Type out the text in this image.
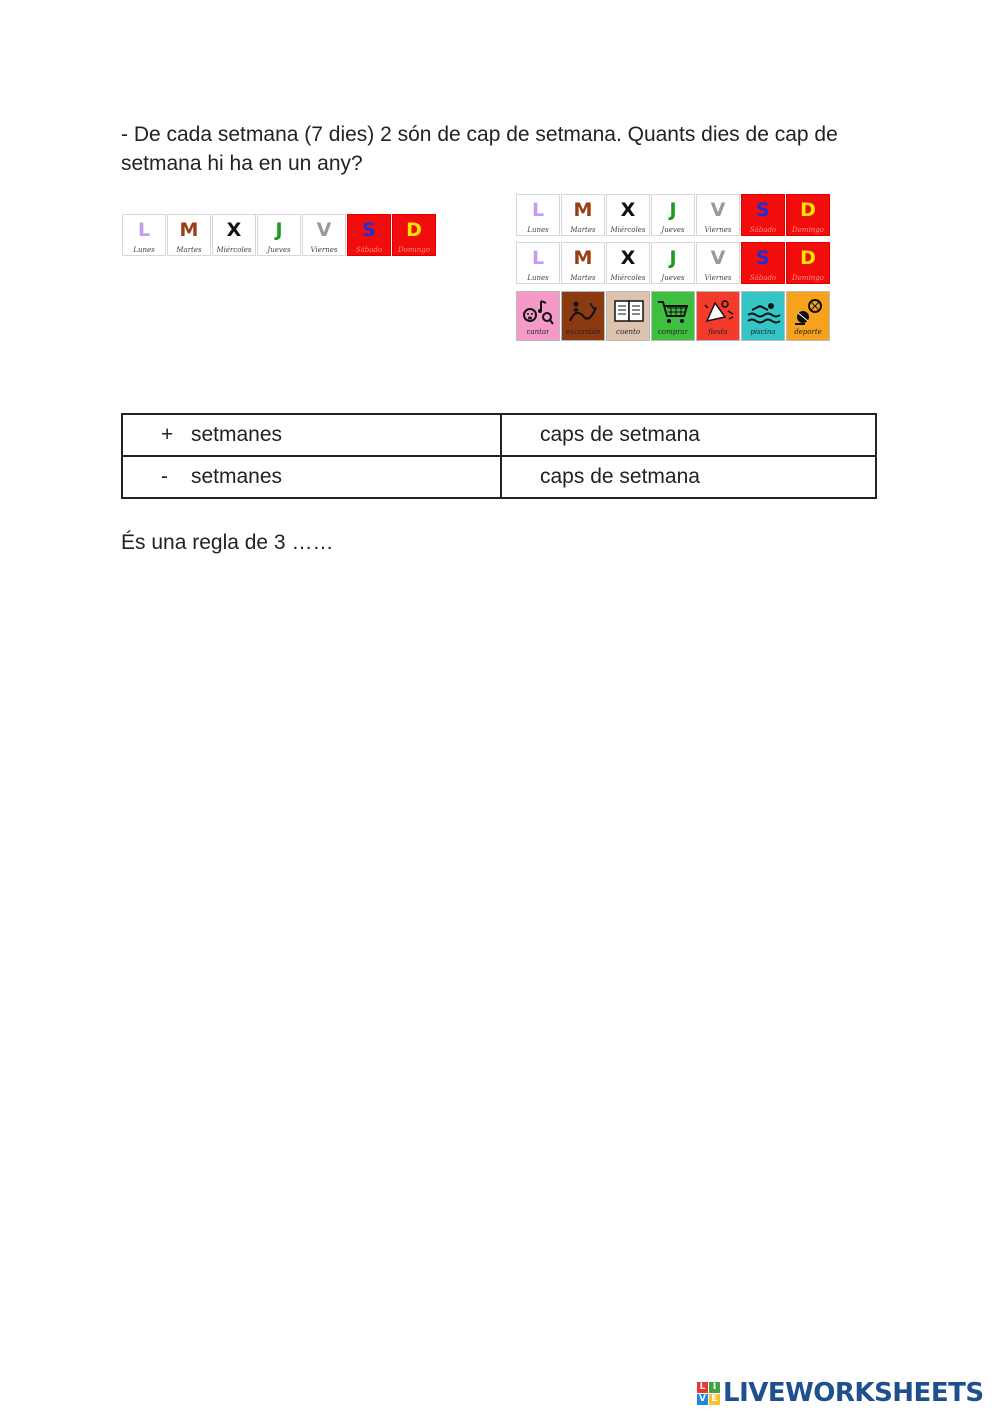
- De cada setmana (7 dies) 2 són de cap de setmana. Quants dies de cap de setmana hi ha en un any?

L
Lunes
M
Martes
X
Miércoles
J
Jueves
V
Viernes
S
Sábado
D
Domingo
L
Lunes
M
Martes
X
Miércoles
J
Jueves
V
Viernes
S
Sábado
D
Domingo
L
Lunes
M
Martes
X
Miércoles
J
Jueves
V
Viernes
S
Sábado
D
Domingo
cantar excursión cuento	comprar	fiesta	piscina	deporte
+ setmanes	caps de setmana
- setmanes	caps de setmana

És una regla de 3 ……

L I
V E LIVEWORKSHEETS
